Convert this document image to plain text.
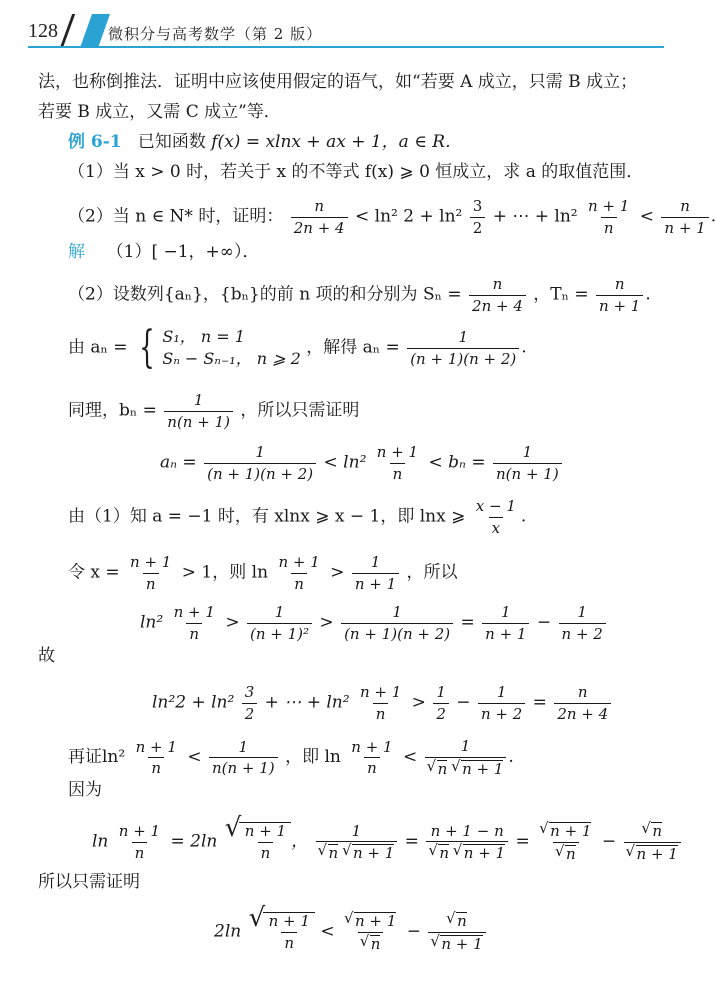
128	微积分与高考数学（第 2 版）
法，也称倒推法．证明中应该使用假定的语气，如“若要 A 成立，只需 B 成立；
若要 B 成立，又需 C 成立”等．
例 6-1 已知函数 f(x) = xlnx + ax + 1，a ∈ R．
（1）当 x > 0 时，若关于 x 的不等式 f(x) ⩾ 0 恒成立，求 a 的取值范围．
（2）当 n ∈ N* 时，证明： $\frac{n}{2n + 4} < \ln^2$ $2 + \ln^2 \frac{3}{2}$ + ⋯ + $\ln^2 \frac{n + 1}{n} < \frac{n}{n + 1}$ .
解 （1）[ −1，+∞）．
（2）设数列{aₙ}，{bₙ}的前 n 项的和分别为 $S_n = \frac{n}{2n + 4}$ ，$T_n = \frac{n}{n + 1}$ .
由 aₙ = { S₁， n = 1
Sₙ − Sₙ₋₁， n ⩾ 2
，解得 $a_n = \frac{1}{(n + 1)(n + 2)}$ .
同理，$b_n = \frac{1}{n(n + 1)}$ ，所以只需证明
$a_n = \frac{1}{(n + 1)(n + 2)} < \ln^2 \frac{n + 1}{n} < b_n = \frac{1}{n(n + 1)}$
由（1）知 a = −1 时，有 xlnx ⩾ x − 1，即 lnx ⩾ $\frac{x - 1}{x}$ .
令 $x = \frac{n + 1}{n} > 1$，则 $\ln \frac{n + 1}{n} > \frac{1}{n + 1}$ ，所以
$\ln^2 \frac{n + 1}{n} > \frac{1}{\text{(n + 1)²}} > \frac{1}{(n + 1)(n + 2)} = \frac{1}{n + 1} - \frac{1}{n + 2}$
故
$\ln^22 + \ln^2 \frac{3}{2}$ + ⋯ + $\ln^2 \frac{n + 1}{n} > \frac{1}{2} - \frac{1}{n + 2} = \frac{n}{2n + 4}$
再证$\ln^2 \frac{n + 1}{n} < \frac{1}{n(n + 1)}$ ，即 $\ln \frac{n + 1}{n} < 1$
√ n √ n + 1 .
因为
$\ln \frac{n + 1}{n} = 2\ln$ √ $\frac{n + 1}{n}$ ， 1
√ n √ n + 1 = n + 1 − n
√ n √ n + 1 = √ n + 1
√ n − √ n
√ n + 1
所以只需证明
2ln √ $\frac{n + 1}{n}$ < √ n + 1
√ n − √ n
√ n + 1
